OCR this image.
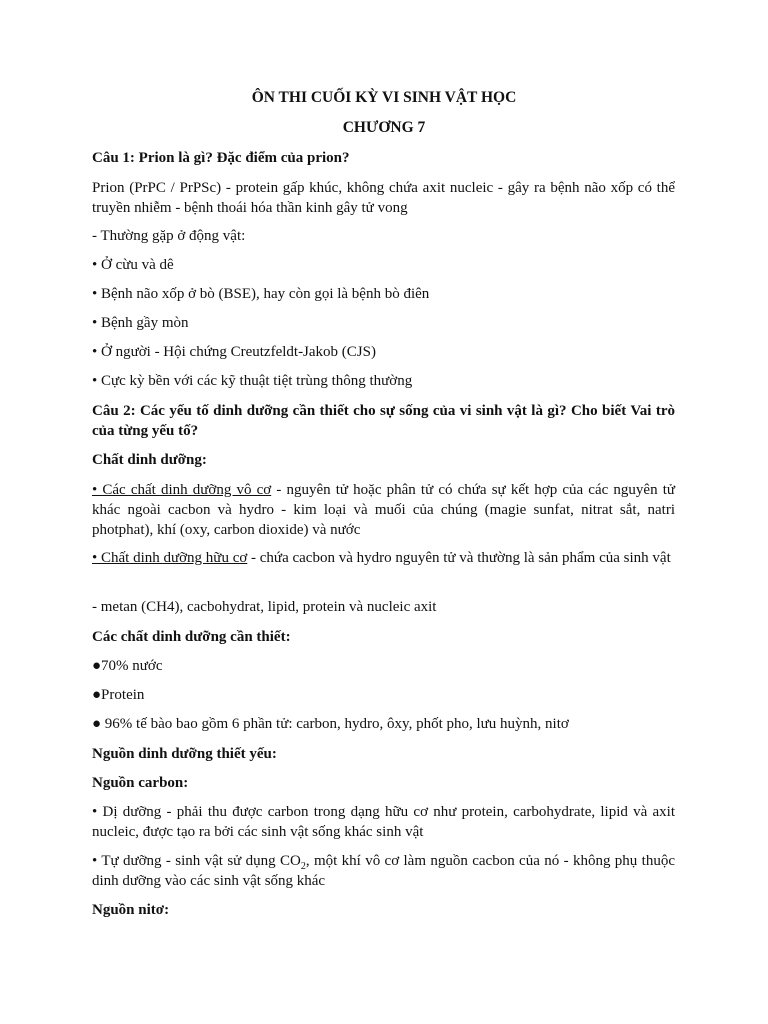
ÔN THI CUỐI KỲ VI SINH VẬT HỌC

CHƯƠNG 7

Câu 1: Prion là gì? Đặc điểm của prion?

Prion (PrPC / PrPSc) - protein gấp khúc, không chứa axit nucleic - gây ra bệnh não xốp có thể truyền nhiễm - bệnh thoái hóa thần kinh gây tử vong

- Thường gặp ở động vật:

• Ở cừu và dê

• Bệnh não xốp ở bò (BSE), hay còn gọi là bệnh bò điên

• Bệnh gầy mòn

• Ở người - Hội chứng Creutzfeldt-Jakob (CJS)

• Cực kỳ bền với các kỹ thuật tiệt trùng thông thường

Câu 2: Các yếu tố dinh dưỡng cần thiết cho sự sống của vi sinh vật là gì? Cho biết Vai trò của từng yếu tố?

Chất dinh dưỡng:

• Các chất dinh dưỡng vô cơ - nguyên tử hoặc phân tử có chứa sự kết hợp của các nguyên tử khác ngoài cacbon và hydro - kim loại và muối của chúng (magie sunfat, nitrat sắt, natri photphat), khí (oxy, carbon dioxide) và nước

• Chất dinh dưỡng hữu cơ - chứa cacbon và hydro nguyên tử và thường là sản phẩm của sinh vật

- metan (CH4), cacbohydrat, lipid, protein và nucleic axit

Các chất dinh dưỡng cần thiết:

●70% nước

●Protein

● 96% tế bào bao gồm 6 phần tử: carbon, hydro, ôxy, phốt pho, lưu huỳnh, nitơ

Nguồn dinh dưỡng thiết yếu:

Nguồn carbon:

• Dị dưỡng - phải thu được carbon trong dạng hữu cơ như protein, carbohydrate, lipid và axit nucleic, được tạo ra bởi các sinh vật sống khác sinh vật

• Tự dưỡng - sinh vật sử dụng $CO_2$, một khí vô cơ làm nguồn cacbon của nó - không phụ thuộc dinh dưỡng vào các sinh vật sống khác

Nguồn nitơ:
